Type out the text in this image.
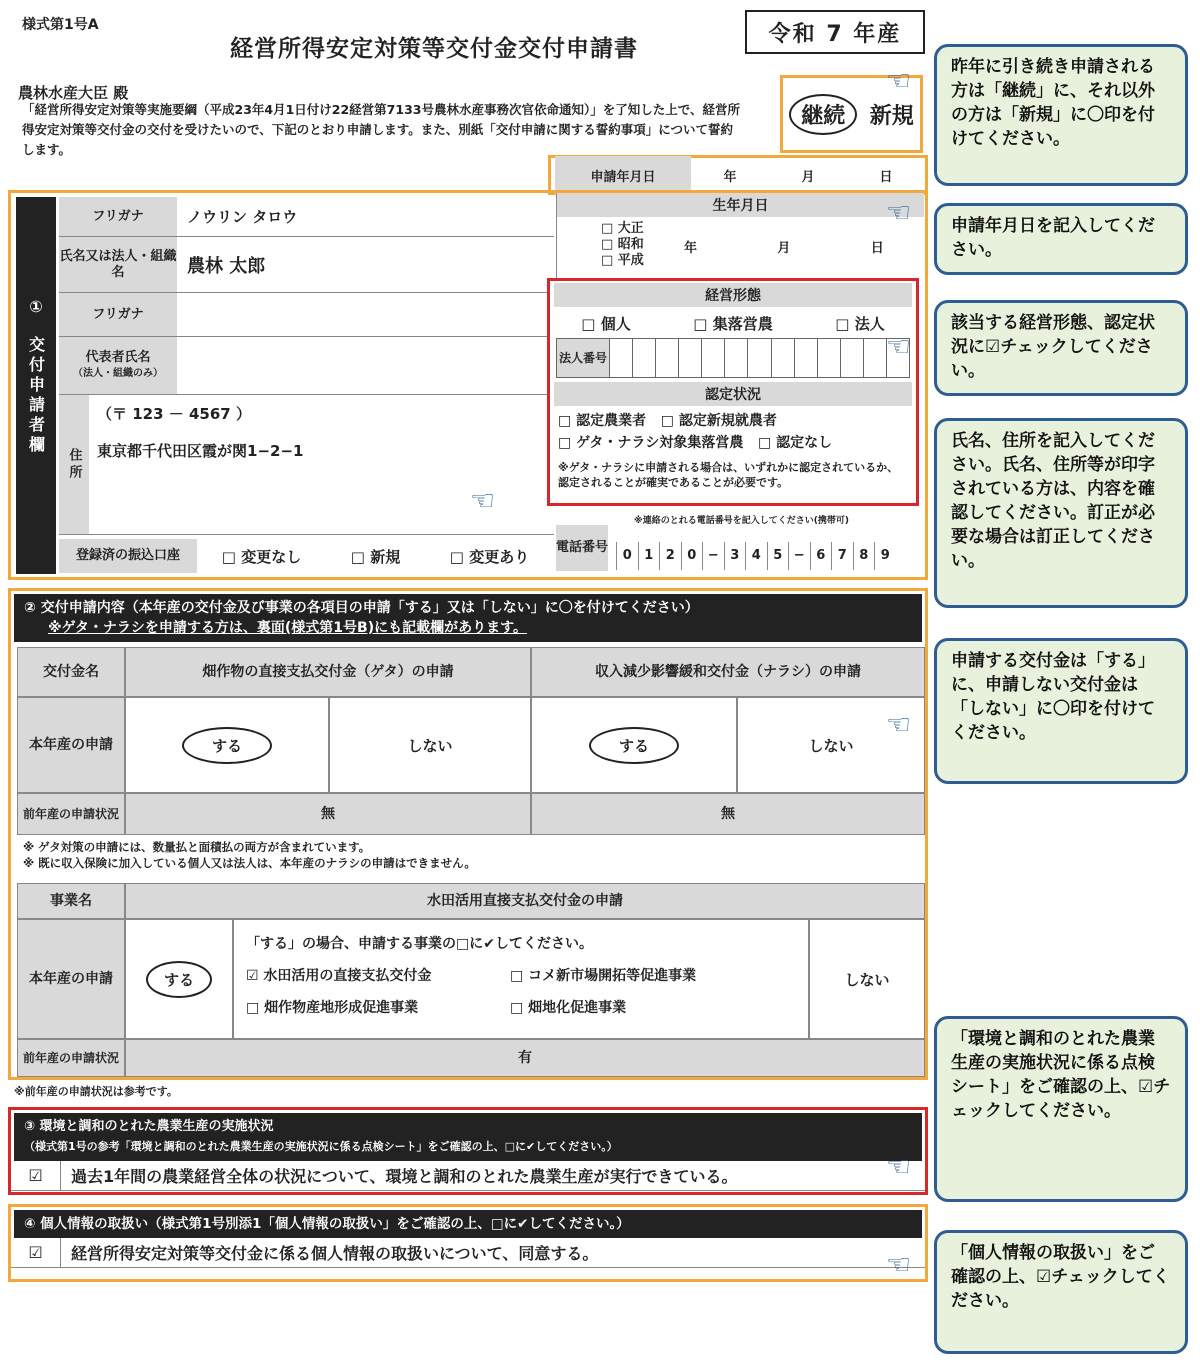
様式第1号A
経営所得安定対策等交付金交付申請書
令和 7 年産
農林水産大臣 殿
「経営所得安定対策等実施要綱（平成23年4月1日付け22経営第7133号農林水産事務次官依命通知）」を了知した上で、経営所得安定対策等交付金の交付を受けたいので、下記のとおり申請します。また、別紙「交付申請に関する誓約事項」について誓約します。
継続	新規
申請年月日	年	月	日
①
交付申請者欄
フリガナ	ノウリン タロウ
氏名又は法人・組織名	農林 太郎
フリガナ
代表者氏名
（法人・組織のみ）
住所
（〒 123 － 4567 ）
東京都千代田区霞が関1−2−1
登録済の振込口座	□ 変更なし	□ 新規	□ 変更あり
生年月日
□ 大正
□ 昭和
□ 平成
年	月	日
経営形態
□ 個人	□ 集落営農	□ 法人
法人番号
認定状況
□ 認定農業者 □ 認定新規就農者
□ ゲタ・ナラシ対象集落営農 □ 認定なし
※ゲタ・ナラシに申請される場合は、いずれかに認定されているか、認定されることが確実であることが必要です。
※連絡のとれる電話番号を記入してください(携帯可)
電話番号
0 1 2 0 − 3 4 5 − 6 7 8 9
② 交付申請内容（本年産の交付金及び事業の各項目の申請「する」又は「しない」に〇を付けてください）
※ゲタ・ナラシを申請する方は、裏面(様式第1号B)にも記載欄があります。
交付金名	畑作物の直接支払交付金（ゲタ）の申請	収入減少影響緩和交付金（ナラシ）の申請
本年産の申請	する	しない	する	しない
前年産の申請状況	無	無
※ ゲタ対策の申請には、数量払と面積払の両方が含まれています。
※ 既に収入保険に加入している個人又は法人は、本年産のナラシの申請はできません。
事業名	水田活用直接支払交付金の申請
本年産の申請	する
「する」の場合、申請する事業の□に✔してください。
☑ 水田活用の直接支払交付金	□ コメ新市場開拓等促進事業
□ 畑作物産地形成促進事業	□ 畑地化促進事業
しない
前年産の申請状況	有
※前年産の申請状況は参考です。
③ 環境と調和のとれた農業生産の実施状況
（様式第1号の参考「環境と調和のとれた農業生産の実施状況に係る点検シート」をご確認の上、□に✔してください。）
☑	過去1年間の農業経営全体の状況について、環境と調和のとれた農業生産が実行できている。
④ 個人情報の取扱い（様式第1号別添1「個人情報の取扱い」をご確認の上、□に✔してください。）
☑	経営所得安定対策等交付金に係る個人情報の取扱いについて、同意する。
昨年に引き続き申請される方は「継続」に、それ以外の方は「新規」に〇印を付けてください。
申請年月日を記入してください。
該当する経営形態、認定状況に☑チェックしてください。
氏名、住所を記入してください。氏名、住所等が印字されている方は、内容を確認してください。訂正が必要な場合は訂正してください。
申請する交付金は「する」に、申請しない交付金は「しない」に〇印を付けてください。
「環境と調和のとれた農業生産の実施状況に係る点検シート」をご確認の上、☑チェックしてください。
「個人情報の取扱い」をご確認の上、☑チェックしてください。
☜
☜
☜
☜
☜
☜
☜
